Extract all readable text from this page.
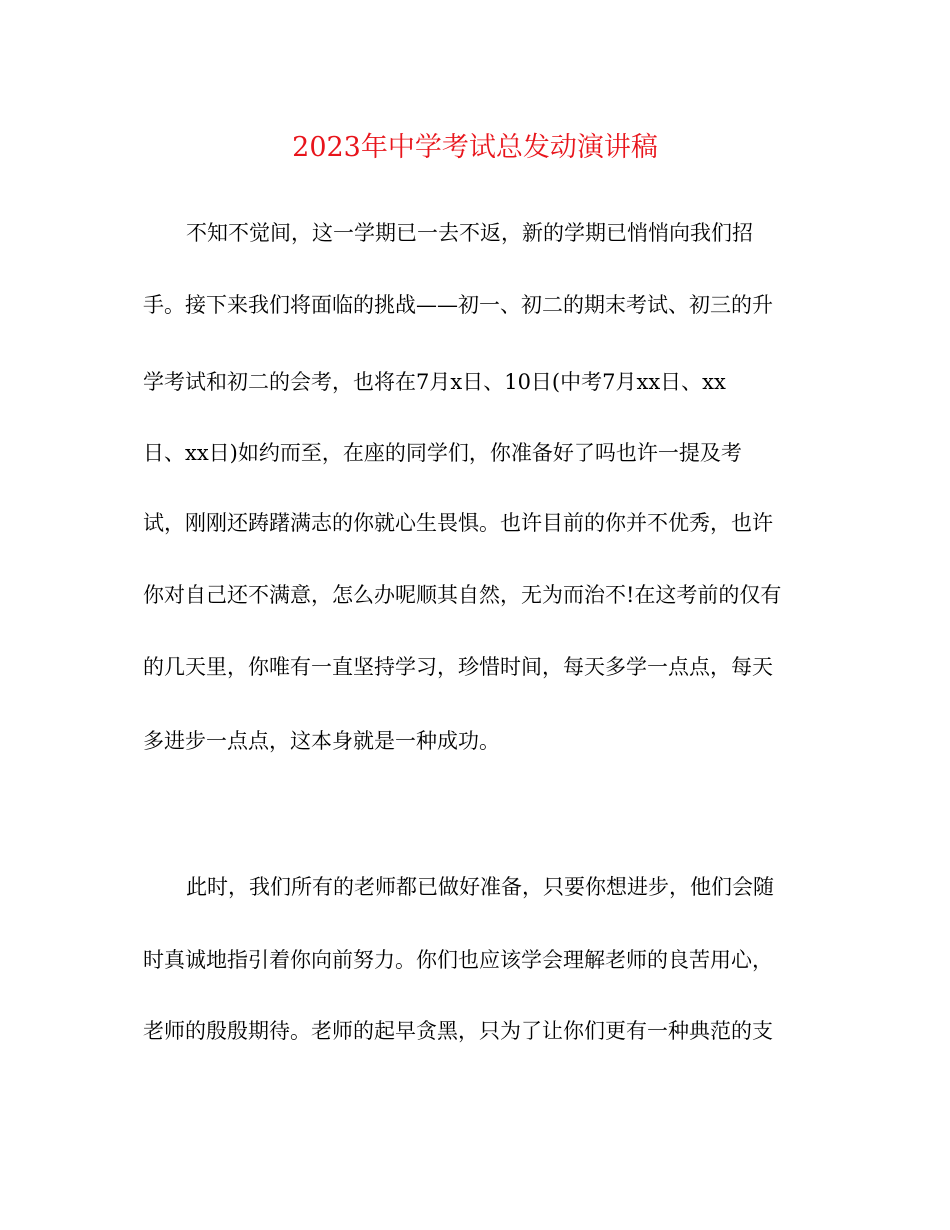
2023年中学考试总发动演讲稿
不知不觉间，这一学期已一去不返，新的学期已悄悄向我们招
手。接下来我们将面临的挑战——初一、初二的期末考试、初三的升
学考试和初二的会考，也将在7月x日、10日(中考7月xx日、xx
日、xx日)如约而至，在座的同学们，你准备好了吗也许一提及考
试，刚刚还踌躇满志的你就心生畏惧。也许目前的你并不优秀，也许
你对自己还不满意，怎么办呢顺其自然，无为而治不!在这考前的仅有
的几天里，你唯有一直坚持学习，珍惜时间，每天多学一点点，每天
多进步一点点，这本身就是一种成功。
此时，我们所有的老师都已做好准备，只要你想进步，他们会随
时真诚地指引着你向前努力。你们也应该学会理解老师的良苦用心，
老师的殷殷期待。老师的起早贪黑，只为了让你们更有一种典范的支
